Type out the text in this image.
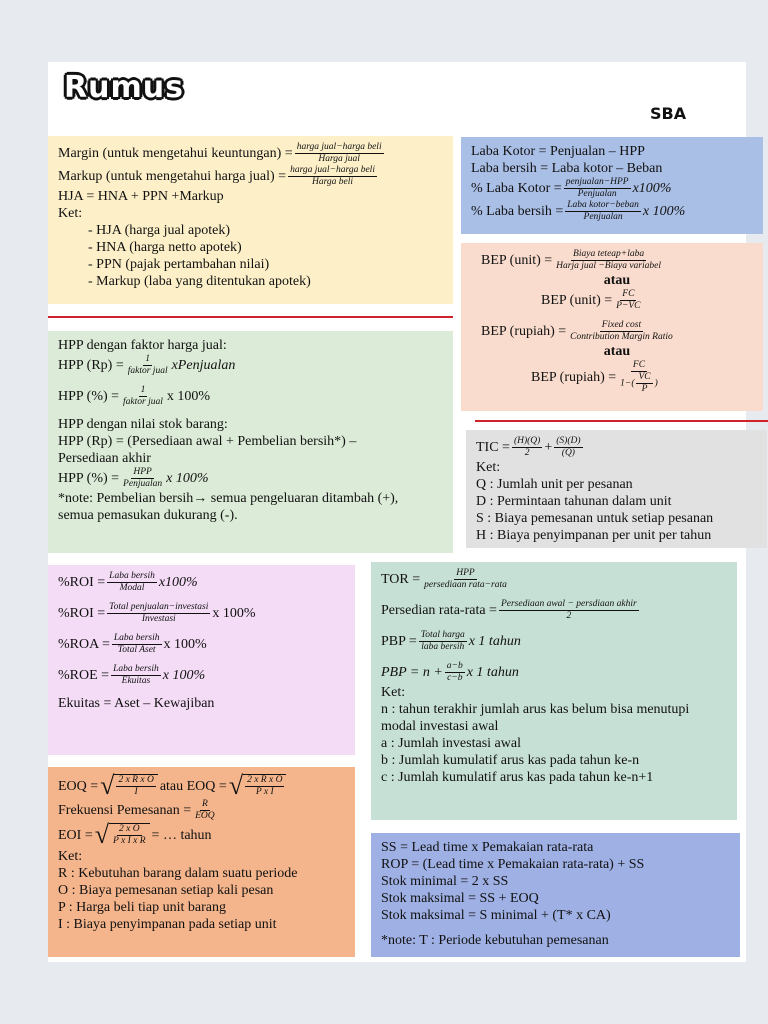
Rumus
SBA
Margin (untuk mengetahui keuntungan) = $\frac{\text{harga jual−harga beli}}{\text{Harga jual}}$
Markup (untuk mengetahui harga jual) = $\frac{\text{harga jual−harga beli}}{\text{Harga beli}}$
HJA = HNA + PPN +Markup
Ket:
- HJA (harga jual apotek)
- HNA (harga netto apotek)
- PPN (pajak pertambahan nilai)
- Markup (laba yang ditentukan apotek)
Laba Kotor = Penjualan – HPP
Laba bersih = Laba kotor – Beban
% Laba Kotor = $\frac{\text{penjualan−HPP}}{\text{Penjualan}} x100\%$
% Laba bersih = $\frac{\text{Laba kotor−beban}}{\text{Penjualan}}$ x 100%
BEP (unit) = $\frac{\text{Biaya teteap+laba}}{\text{Harja jual −Biaya variabel}}$
atau
BEP (unit) = $\frac{FC}{P-VC}$
BEP (rupiah) = $\frac{\text{Fixed cost}}{\text{Contribution Margin Ratio}}$
atau
BEP (rupiah) = $\frac{FC}{1-( \frac{VC}{P} )}$
HPP dengan faktor harga jual:
HPP $(Rp) = \frac{1}{\text{faktor jual}}$ xPenjualan
HPP (%) = $\frac{1}{\text{faktor jual}}$ x 100%
HPP dengan nilai stok barang:
HPP (Rp) = (Persediaan awal + Pembelian bersih*) –
Persediaan akhir
HPP (%) = $\frac{\text{HPP}}{\text{Penjualan}}$ x 100%
*note: Pembelian bersih→ semua pengeluaran ditambah (+),
semua pemasukan dukurang (-).
TIC = $\frac{(H)(Q)}{2} + \frac{(S)(D)}{(Q)}$
Ket:
Q : Jumlah unit per pesanan
D : Permintaan tahunan dalam unit
S : Biaya pemesanan untuk setiap pesanan
H : Biaya penyimpanan per unit per tahun
$\%ROI = \frac{\text{Laba bersih}}{\text{Modal}} x100\%$
$\%ROI = \frac{\text{Total penjualan−investasi}}{\text{Investasi}}$ x 100%
$\%ROA = \frac{\text{Laba bersih}}{\text{Total Aset}}$ x 100%
$\%ROE = \frac{\text{Laba bersih}}{\text{Ekuitas}}$ x 100%
Ekuitas = Aset – Kewajiban
TOR = $\frac{\text{HPP}}{\text{persediaan rata−rata}}$
Persedian rata-rata = $\frac{\text{Persediaan awal − persdiaan akhir}}{2}$
PBP = $\frac{\text{Total harga}}{\text{laba bersih}}$ x 1 tahun
PBP = $n + \frac{a-b}{c-b}$ x 1 tahun
Ket:
n : tahun terakhir jumlah arus kas belum bisa menutupi
modal investasi awal
a : Jumlah investasi awal
b : Jumlah kumulatif arus kas pada tahun ke-n
c : Jumlah kumulatif arus kas pada tahun ke-n+1
EOQ = √ $\frac{\text{2 x R x O}}{I}$ atau EOQ = √ $\frac{\text{2 x R x O}}{\text{P x I}}$
Frekuensi Pemesanan = $\frac{R}{\text{EOQ}}$
EOI = √ $\frac{\text{2 x O}}{\text{P x I x R}}$ = … tahun
Ket:
R : Kebutuhan barang dalam suatu periode
O : Biaya pemesanan setiap kali pesan
P : Harga beli tiap unit barang
I : Biaya penyimpanan pada setiap unit
SS = Lead time x Pemakaian rata-rata
ROP = (Lead time x Pemakaian rata-rata) + SS
Stok minimal = 2 x SS
Stok maksimal = SS + EOQ
Stok maksimal = S minimal + (T* x CA)
*note: T : Periode kebutuhan pemesanan
